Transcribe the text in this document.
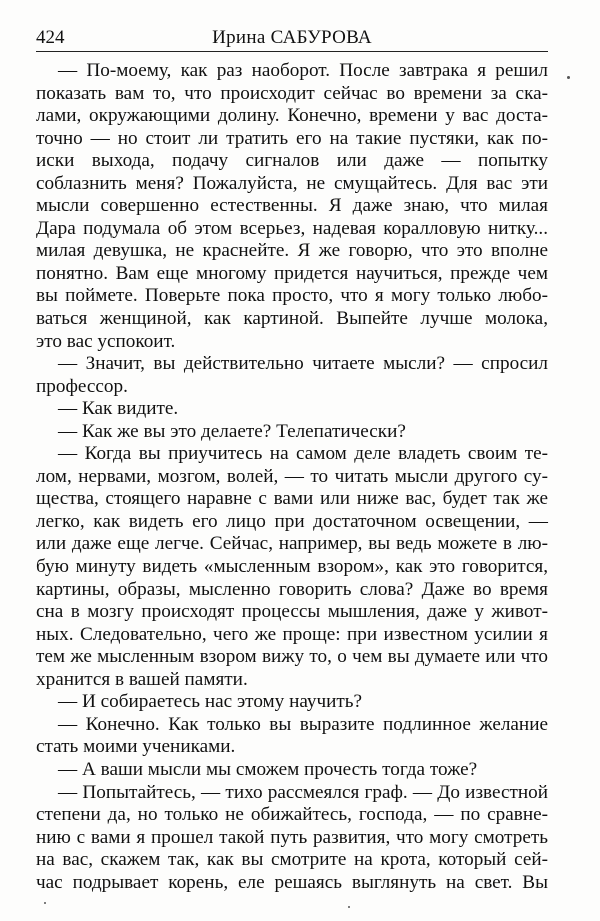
424	Ирина САБУРОВА
— По-моему, как раз наоборот. После завтрака я решил
показать вам то, что происходит сейчас во времени за ска-
лами, окружающими долину. Конечно, времени у вас доста-
точно — но стоит ли тратить его на такие пустяки, как по-
иски выхода, подачу сигналов или даже — попытку
соблазнить меня? Пожалуйста, не смущайтесь. Для вас эти
мысли совершенно естественны. Я даже знаю, что милая
Дара подумала об этом всерьез, надевая коралловую нитку...
милая девушка, не краснейте. Я же говорю, что это вполне
понятно. Вам еще многому придется научиться, прежде чем
вы поймете. Поверьте пока просто, что я могу только любо-
ваться женщиной, как картиной. Выпейте лучше молока,
это вас успокоит.
— Значит, вы действительно читаете мысли? — спросил
профессор.
— Как видите.
— Как же вы это делаете? Телепатически?
— Когда вы приучитесь на самом деле владеть своим те-
лом, нервами, мозгом, волей, — то читать мысли другого су-
щества, стоящего наравне с вами или ниже вас, будет так же
легко, как видеть его лицо при достаточном освещении, —
или даже еще легче. Сейчас, например, вы ведь можете в лю-
бую минуту видеть «мысленным взором», как это говорится,
картины, образы, мысленно говорить слова? Даже во время
сна в мозгу происходят процессы мышления, даже у живот-
ных. Следовательно, чего же проще: при известном усилии я
тем же мысленным взором вижу то, о чем вы думаете или что
хранится в вашей памяти.
— И собираетесь нас этому научить?
— Конечно. Как только вы выразите подлинное желание
стать моими учениками.
— А ваши мысли мы сможем прочесть тогда тоже?
— Попытайтесь, — тихо рассмеялся граф. — До известной
степени да, но только не обижайтесь, господа, — по сравне-
нию с вами я прошел такой путь развития, что могу смотреть
на вас, скажем так, как вы смотрите на крота, который сей-
час подрывает корень, еле решаясь выглянуть на свет. Вы
